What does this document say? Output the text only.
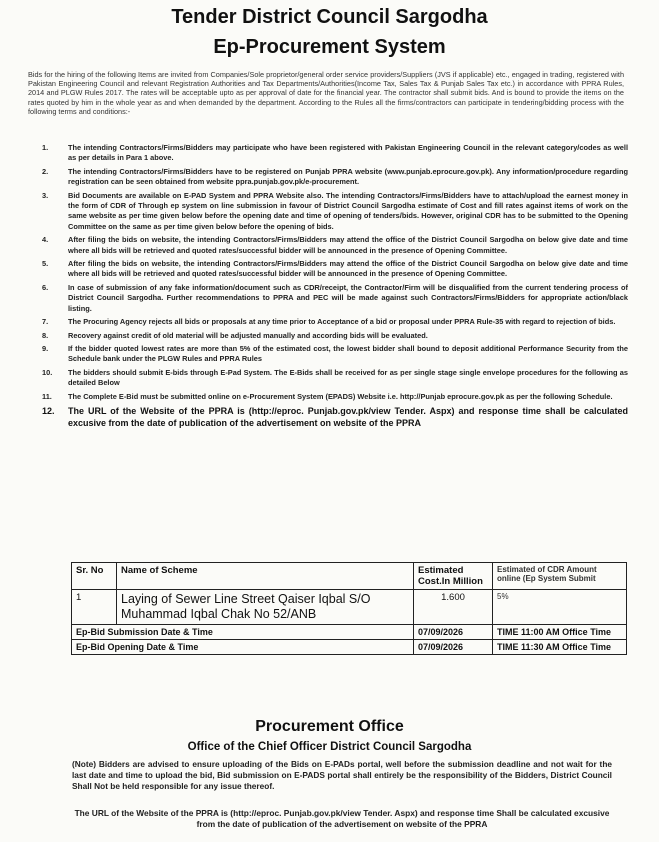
Tender District Council Sargodha
Ep-Procurement System
Bids for the hiring of the following Items are invited from Companies/Sole proprietor/general order service providers/Suppliers (JVS if applicable) etc., engaged in trading, registered with Pakistan Engineering Council and relevant Registration Authorities and Tax Departments/Authorities(Income Tax, Sales Tax & Punjab Sales Tax etc.) in accordance with PPRA Rules, 2014 and PLGW Rules 2017. The rates will be acceptable upto as per approval of date for the financial year. The contractor shall submit bids. And is bound to provide the items on the rates quoted by him in the whole year as and when demanded by the department. According to the Rules all the firms/contractors can participate in tendering/bidding process with the following terms and conditions:-
1.	The intending Contractors/Firms/Bidders may participate who have been registered with Pakistan Engineering Council in the relevant category/codes as well as per details in Para 1 above.
2.	The intending Contractors/Firms/Bidders have to be registered on Punjab PPRA website (www.punjab.eprocure.gov.pk). Any information/procedure regarding registration can be seen obtained from website ppra.punjab.gov.pk/e-procurement.
3.	Bid Documents are available on E-PAD System and PPRA Website also. The intending Contractors/Firms/Bidders have to attach/upload the earnest money in the form of CDR of Through ep system on line submission in favour of District Council Sargodha estimate of Cost and fill rates against items of work on the same website as per time given below before the opening date and time of opening of tenders/bids. However, original CDR has to be submitted to the Opening Committee on the same as per time given below before the opening of bids.
4.	After filing the bids on website, the intending Contractors/Firms/Bidders may attend the office of the District Council Sargodha on below give date and time where all bids will be retrieved and quoted rates/successful bidder will be announced in the presence of Opening Committee.
5.	After filing the bids on website, the intending Contractors/Firms/Bidders may attend the office of the District Council Sargodha on below give date and time where all bids will be retrieved and quoted rates/successful bidder will be announced in the presence of Opening Committee.
6.	In case of submission of any fake information/document such as CDR/receipt, the Contractor/Firm will be disqualified from the current tendering process of District Council Sargodha. Further recommendations to PPRA and PEC will be made against such Contractors/Firms/Bidders for appropriate action/black listing.
7.	The Procuring Agency rejects all bids or proposals at any time prior to Acceptance of a bid or proposal under PPRA Rule-35 with regard to rejection of bids.
8.	Recovery against credit of old material will be adjusted manually and according bids will be evaluated.
9.	If the bidder quoted lowest rates are more than 5% of the estimated cost, the lowest bidder shall bound to deposit additional Performance Security from the Schedule bank under the PLGW Rules and PPRA Rules
10. The bidders should submit E-bids through E-Pad System. The E-Bids shall be received for as per single stage single envelope procedures for the following as detailed Below
11. The Complete E-Bid must be submitted online on e-Procurement System (EPADS) Website i.e. http://Punjab eprocure.gov.pk as per the following Schedule.
12. The URL of the Website of the PPRA is (http://eproc. Punjab.gov.pk/view Tender. Aspx) and response time shall be calculated excusive from the date of publication of the advertisement on website of the PPRA
Sr. No	Name of Scheme	Estimated Cost.In Million	Estimated of CDR Amount online (Ep System Submit
1	Laying of Sewer Line Street Qaiser Iqbal S/O Muhammad Iqbal Chak No 52/ANB	1.600	5%
Ep-Bid Submission Date & Time		07/09/2026	TIME 11:00 AM Office Time
Ep-Bid Opening Date & Time		07/09/2026	TIME 11:30 AM Office Time
Procurement Office
Office of the Chief Officer District Council Sargodha
(Note) Bidders are advised to ensure uploading of the Bids on E-PADs portal, well before the submission deadline and not wait for the last date and time to upload the bid, Bid submission on E-PADS portal shall entirely be the responsibility of the Bidders, District Council Shall Not be held responsible for any issue thereof.
The URL of the Website of the PPRA is (http://eproc. Punjab.gov.pk/view Tender. Aspx) and response time Shall be calculated excusive from the date of publication of the advertisement on website of the PPRA
